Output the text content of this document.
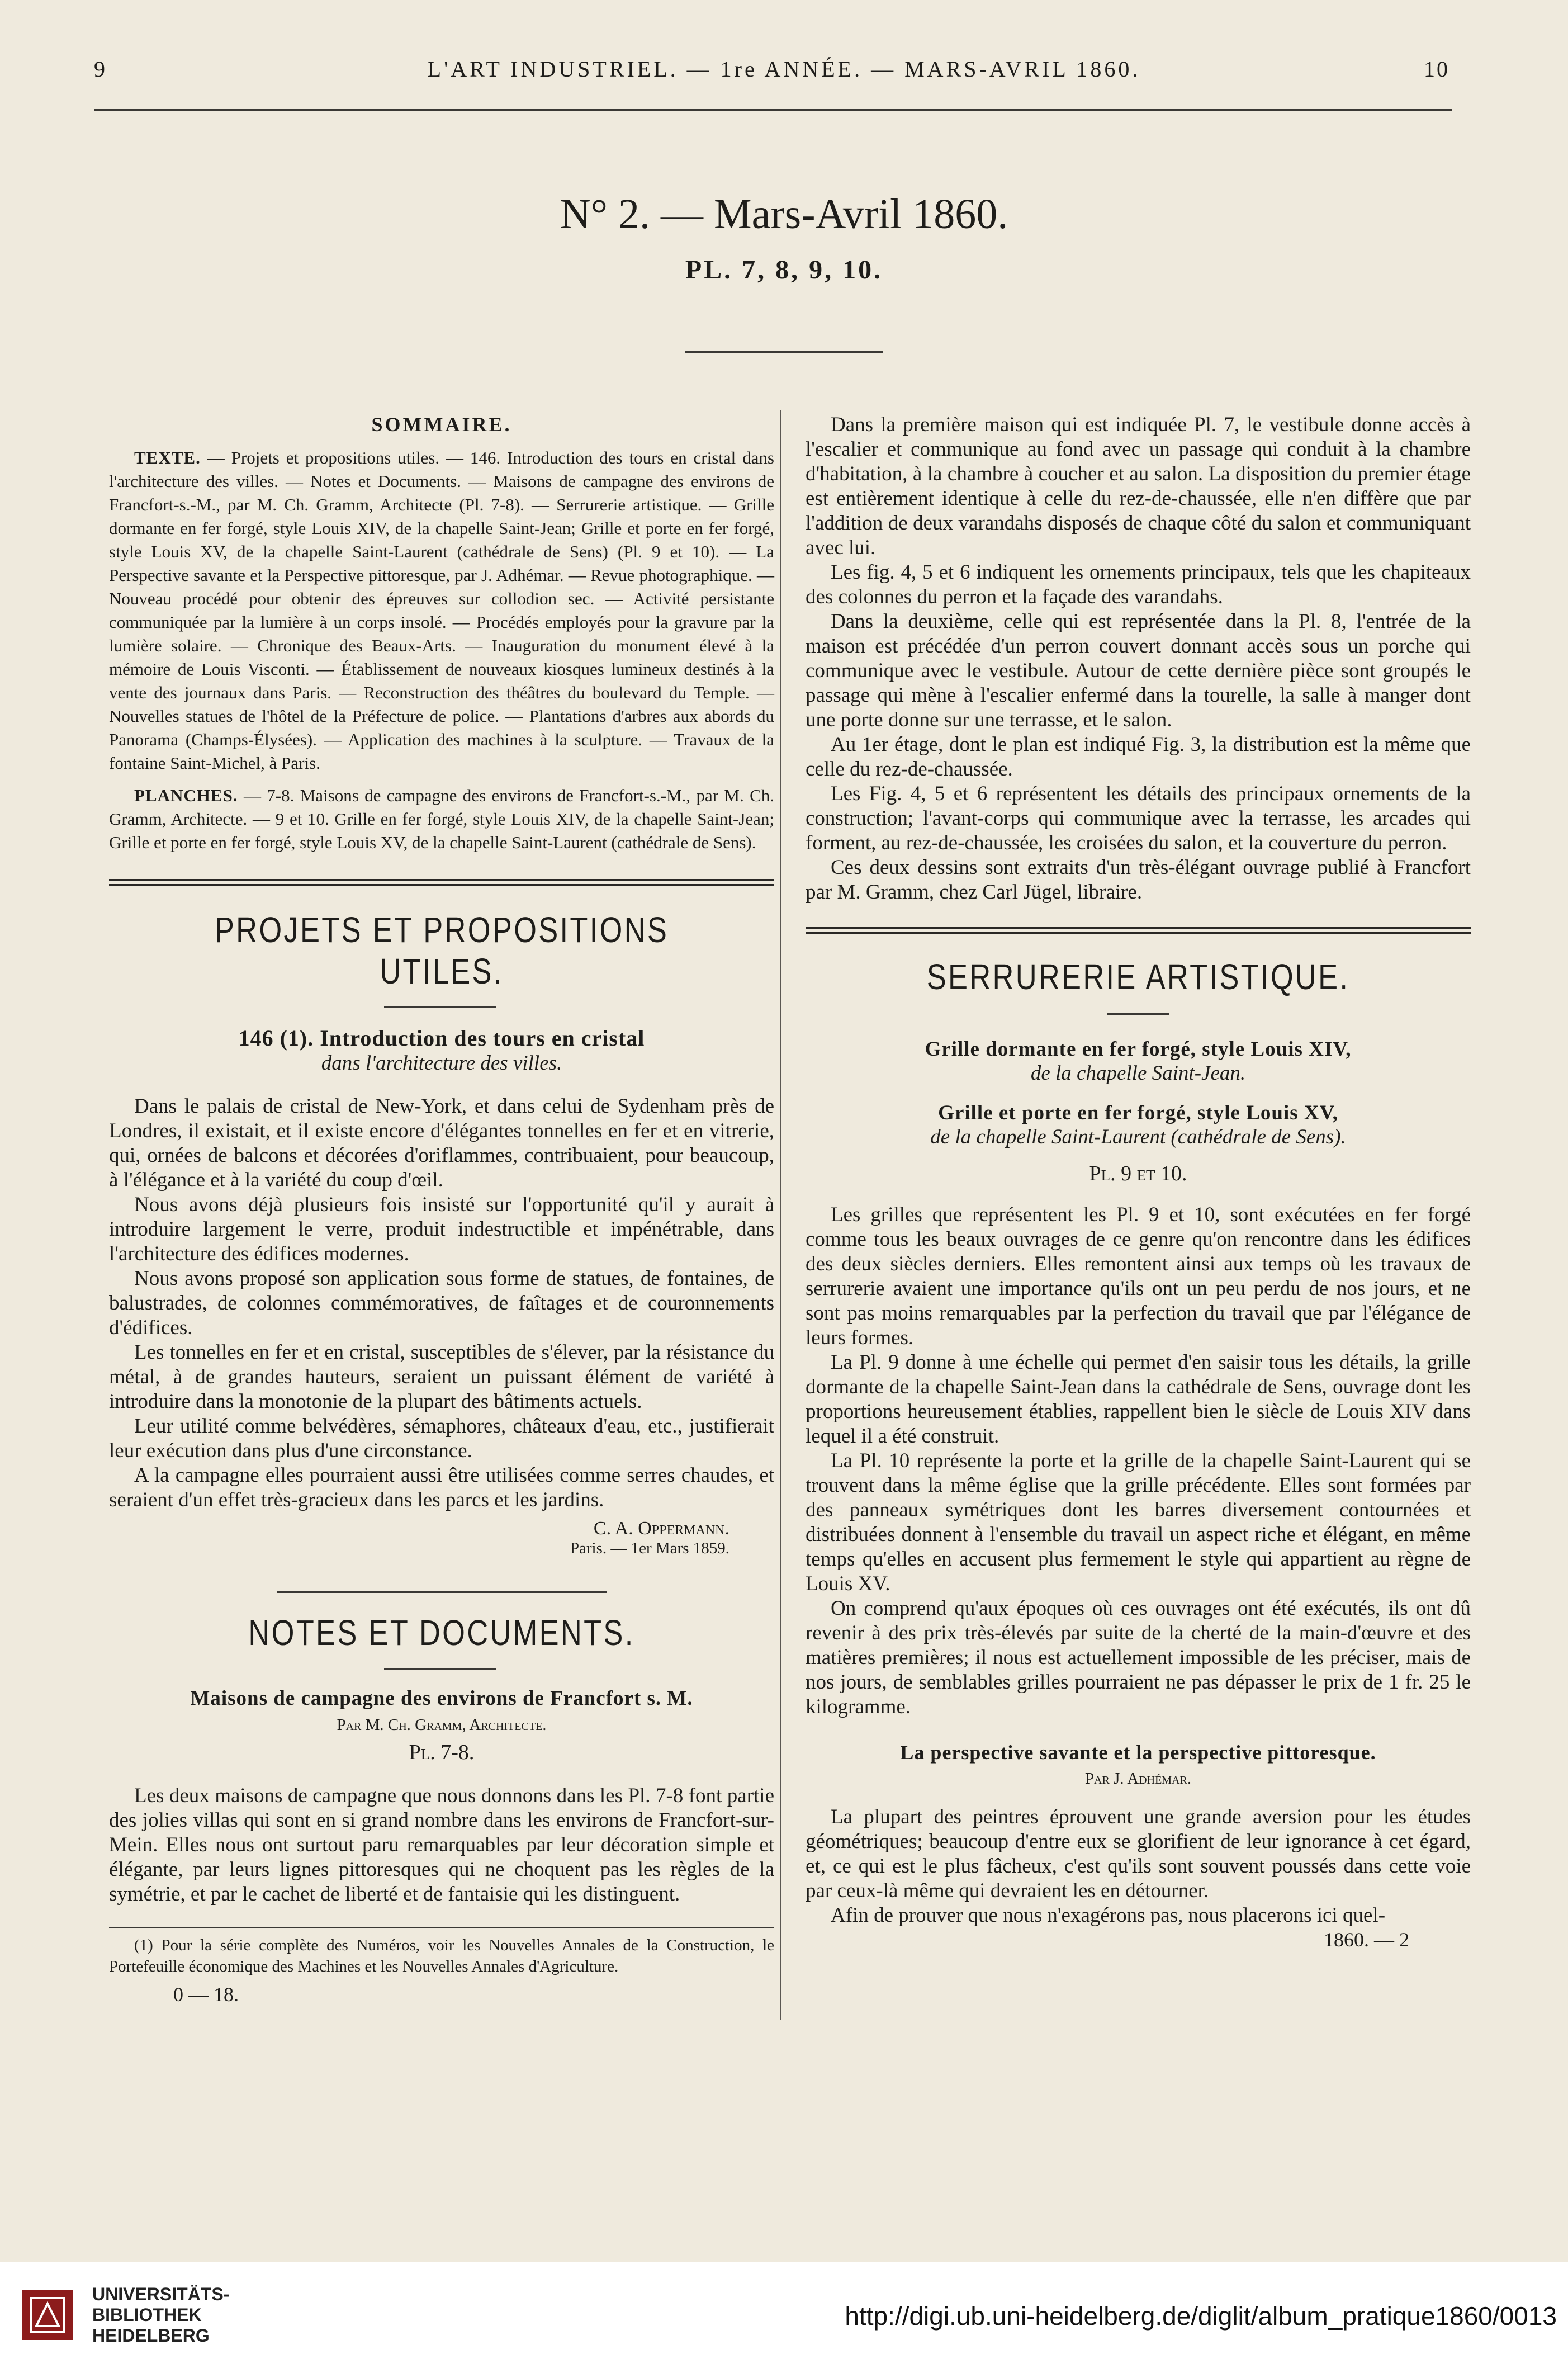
9	L'ART INDUSTRIEL. — 1re ANNÉE. — MARS-AVRIL 1860.	10
N° 2. — Mars-Avril 1860.
PL. 7, 8, 9, 10.
SOMMAIRE.
TEXTE. — Projets et propositions utiles. — 146. Introduction des tours en cristal dans l'architecture des villes. — Notes et Documents. — Maisons de campagne des environs de Francfort-s.-M., par M. Ch. Gramm, Architecte (Pl. 7-8). — Serrurerie artistique. — Grille dormante en fer forgé, style Louis XIV, de la chapelle Saint-Jean; Grille et porte en fer forgé, style Louis XV, de la chapelle Saint-Laurent (cathédrale de Sens) (Pl. 9 et 10). — La Perspective savante et la Perspective pittoresque, par J. Adhémar. — Revue photographique. — Nouveau procédé pour obtenir des épreuves sur collodion sec. — Activité persistante communiquée par la lumière à un corps insolé. — Procédés employés pour la gravure par la lumière solaire. — Chronique des Beaux-Arts. — Inauguration du monument élevé à la mémoire de Louis Visconti. — Établissement de nouveaux kiosques lumineux destinés à la vente des journaux dans Paris. — Reconstruction des théâtres du boulevard du Temple. — Nouvelles statues de l'hôtel de la Préfecture de police. — Plantations d'arbres aux abords du Panorama (Champs-Élysées). — Application des machines à la sculpture. — Travaux de la fontaine Saint-Michel, à Paris.
PLANCHES. — 7-8. Maisons de campagne des environs de Francfort-s.-M., par M. Ch. Gramm, Architecte. — 9 et 10. Grille en fer forgé, style Louis XIV, de la chapelle Saint-Jean; Grille et porte en fer forgé, style Louis XV, de la chapelle Saint-Laurent (cathédrale de Sens).
PROJETS ET PROPOSITIONS UTILES.
146 (1). Introduction des tours en cristal
dans l'architecture des villes.

Dans le palais de cristal de New-York, et dans celui de Sydenham près de Londres, il existait, et il existe encore d'élégantes tonnelles en fer et en vitrerie, qui, ornées de balcons et décorées d'oriflammes, contribuaient, pour beaucoup, à l'élégance et à la variété du coup d'œil.

Nous avons déjà plusieurs fois insisté sur l'opportunité qu'il y aurait à introduire largement le verre, produit indestructible et impénétrable, dans l'architecture des édifices modernes.

Nous avons proposé son application sous forme de statues, de fontaines, de balustrades, de colonnes commémoratives, de faîtages et de couronnements d'édifices.

Les tonnelles en fer et en cristal, susceptibles de s'élever, par la résistance du métal, à de grandes hauteurs, seraient un puissant élément de variété à introduire dans la monotonie de la plupart des bâtiments actuels.

Leur utilité comme belvédères, sémaphores, châteaux d'eau, etc., justifierait leur exécution dans plus d'une circonstance.

A la campagne elles pourraient aussi être utilisées comme serres chaudes, et seraient d'un effet très-gracieux dans les parcs et les jardins.

C. A. Oppermann.
Paris. — 1er Mars 1859.
NOTES ET DOCUMENTS.
Maisons de campagne des environs de Francfort s. M.
Par M. Ch. Gramm, Architecte.
Pl. 7-8.

Les deux maisons de campagne que nous donnons dans les Pl. 7-8 font partie des jolies villas qui sont en si grand nombre dans les environs de Francfort-sur-Mein. Elles nous ont surtout paru remarquables par leur décoration simple et élégante, par leurs lignes pittoresques qui ne choquent pas les règles de la symétrie, et par le cachet de liberté et de fantaisie qui les distinguent.

(1) Pour la série complète des Numéros, voir les Nouvelles Annales de la Construction, le Portefeuille économique des Machines et les Nouvelles Annales d'Agriculture.
0 — 18.

Dans la première maison qui est indiquée Pl. 7, le vestibule donne accès à l'escalier et communique au fond avec un passage qui conduit à la chambre d'habitation, à la chambre à coucher et au salon. La disposition du premier étage est entièrement identique à celle du rez-de-chaussée, elle n'en diffère que par l'addition de deux varandahs disposés de chaque côté du salon et communiquant avec lui.

Les fig. 4, 5 et 6 indiquent les ornements principaux, tels que les chapiteaux des colonnes du perron et la façade des varandahs.

Dans la deuxième, celle qui est représentée dans la Pl. 8, l'entrée de la maison est précédée d'un perron couvert donnant accès sous un porche qui communique avec le vestibule. Autour de cette dernière pièce sont groupés le passage qui mène à l'escalier enfermé dans la tourelle, la salle à manger dont une porte donne sur une terrasse, et le salon.

Au 1er étage, dont le plan est indiqué Fig. 3, la distribution est la même que celle du rez-de-chaussée.

Les Fig. 4, 5 et 6 représentent les détails des principaux ornements de la construction; l'avant-corps qui communique avec la terrasse, les arcades qui forment, au rez-de-chaussée, les croisées du salon, et la couverture du perron.

Ces deux dessins sont extraits d'un très-élégant ouvrage publié à Francfort par M. Gramm, chez Carl Jügel, libraire.

SERRURERIE ARTISTIQUE.
Grille dormante en fer forgé, style Louis XIV,
de la chapelle Saint-Jean.
Grille et porte en fer forgé, style Louis XV,
de la chapelle Saint-Laurent (cathédrale de Sens).
Pl. 9 et 10.

Les grilles que représentent les Pl. 9 et 10, sont exécutées en fer forgé comme tous les beaux ouvrages de ce genre qu'on rencontre dans les édifices des deux siècles derniers. Elles remontent ainsi aux temps où les travaux de serrurerie avaient une importance qu'ils ont un peu perdu de nos jours, et ne sont pas moins remarquables par la perfection du travail que par l'élégance de leurs formes.

La Pl. 9 donne à une échelle qui permet d'en saisir tous les détails, la grille dormante de la chapelle Saint-Jean dans la cathédrale de Sens, ouvrage dont les proportions heureusement établies, rappellent bien le siècle de Louis XIV dans lequel il a été construit.

La Pl. 10 représente la porte et la grille de la chapelle Saint-Laurent qui se trouvent dans la même église que la grille précédente. Elles sont formées par des panneaux symétriques dont les barres diversement contournées et distribuées donnent à l'ensemble du travail un aspect riche et élégant, en même temps qu'elles en accusent plus fermement le style qui appartient au règne de Louis XV.

On comprend qu'aux époques où ces ouvrages ont été exécutés, ils ont dû revenir à des prix très-élevés par suite de la cherté de la main-d'œuvre et des matières premières; il nous est actuellement impossible de les préciser, mais de nos jours, de semblables grilles pourraient ne pas dépasser le prix de 1 fr. 25 le kilogramme.

La perspective savante et la perspective pittoresque.
Par J. Adhémar.

La plupart des peintres éprouvent une grande aversion pour les études géométriques; beaucoup d'entre eux se glorifient de leur ignorance à cet égard, et, ce qui est le plus fâcheux, c'est qu'ils sont souvent poussés dans cette voie par ceux-là même qui devraient les en détourner.

Afin de prouver que nous n'exagérons pas, nous placerons ici quel-

1860. — 2
UNIVERSITÄTS-
BIBLIOTHEK
HEIDELBERG
http://digi.ub.uni-heidelberg.de/diglit/album_pratique1860/0013
